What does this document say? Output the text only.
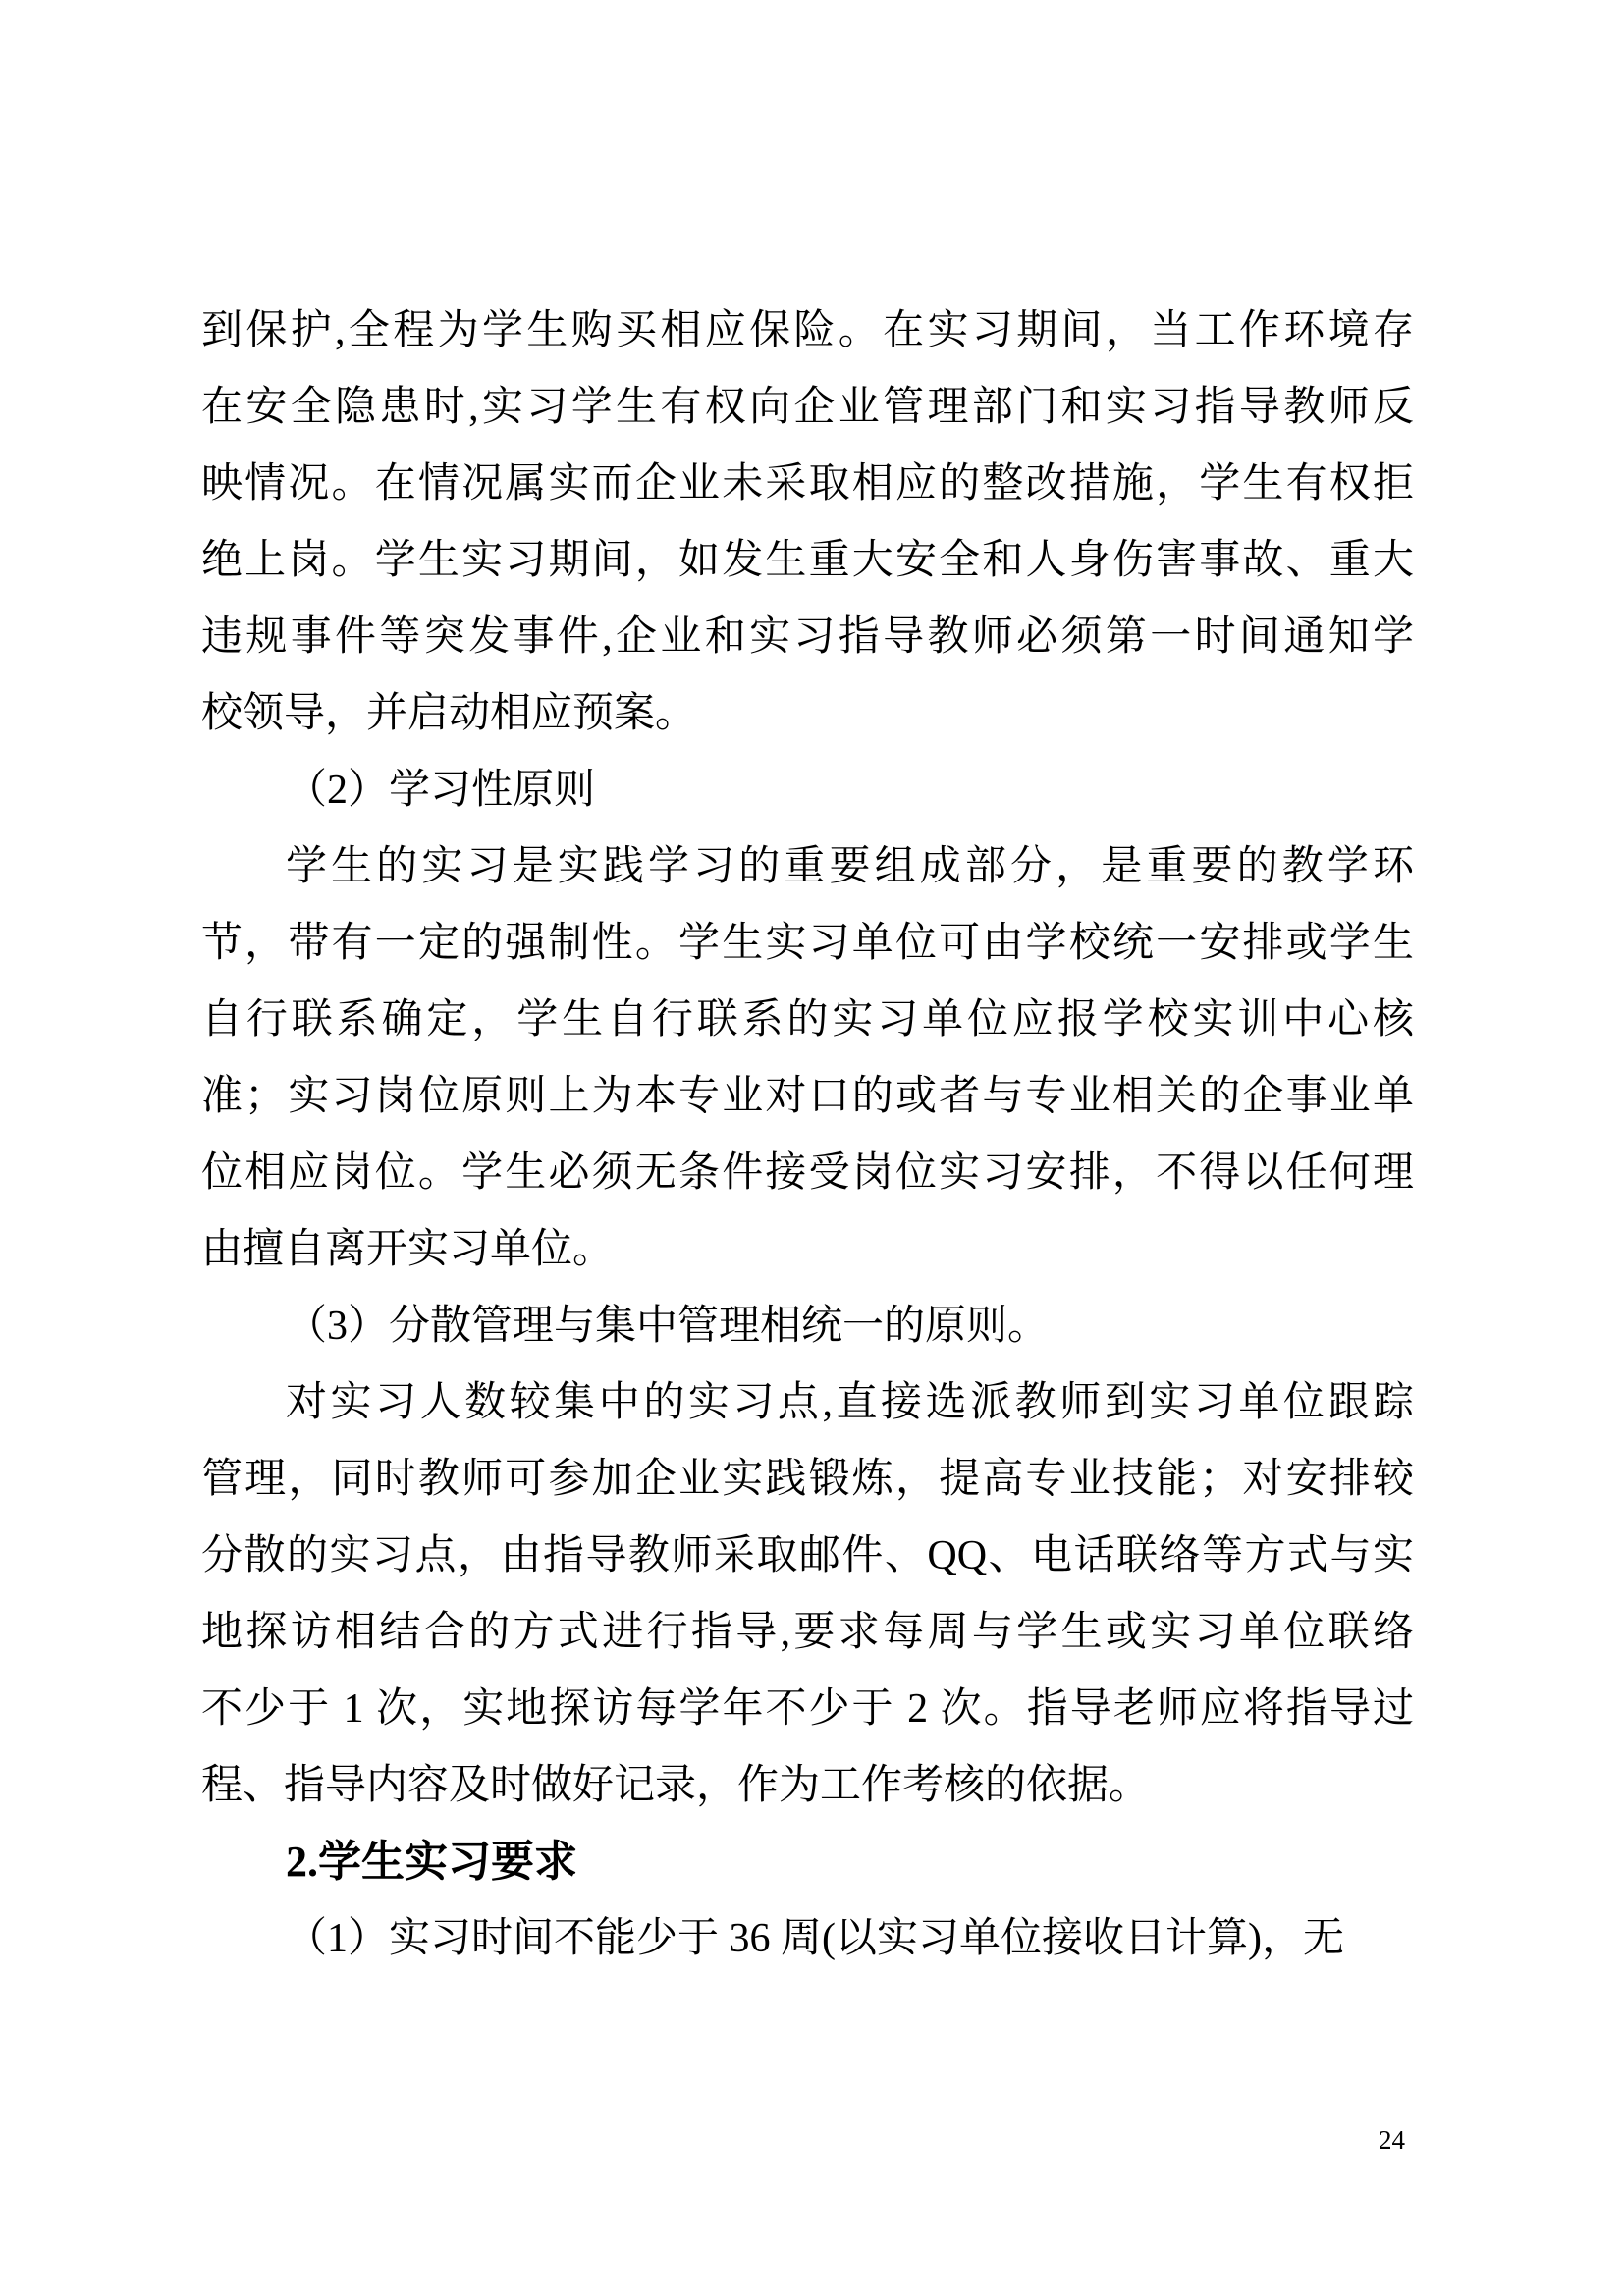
到保护,全程为学生购买相应保险。在实习期间，当工作环境存
在安全隐患时,实习学生有权向企业管理部门和实习指导教师反
映情况。在情况属实而企业未采取相应的整改措施，学生有权拒
绝上岗。学生实习期间，如发生重大安全和人身伤害事故、重大
违规事件等突发事件,企业和实习指导教师必须第一时间通知学
校领导，并启动相应预案。
（2）学习性原则
学生的实习是实践学习的重要组成部分，是重要的教学环
节，带有一定的强制性。学生实习单位可由学校统一安排或学生
自行联系确定，学生自行联系的实习单位应报学校实训中心核
准；实习岗位原则上为本专业对口的或者与专业相关的企事业单
位相应岗位。学生必须无条件接受岗位实习安排，不得以任何理
由擅自离开实习单位。
（3）分散管理与集中管理相统一的原则。
对实习人数较集中的实习点,直接选派教师到实习单位跟踪
管理，同时教师可参加企业实践锻炼，提高专业技能；对安排较
分散的实习点，由指导教师采取邮件、QQ、电话联络等方式与实
地探访相结合的方式进行指导,要求每周与学生或实习单位联络
不少于 1 次，实地探访每学年不少于 2 次。指导老师应将指导过
程、指导内容及时做好记录，作为工作考核的依据。
2.学生实习要求
（1）实习时间不能少于 36 周(以实习单位接收日计算)，无
24
